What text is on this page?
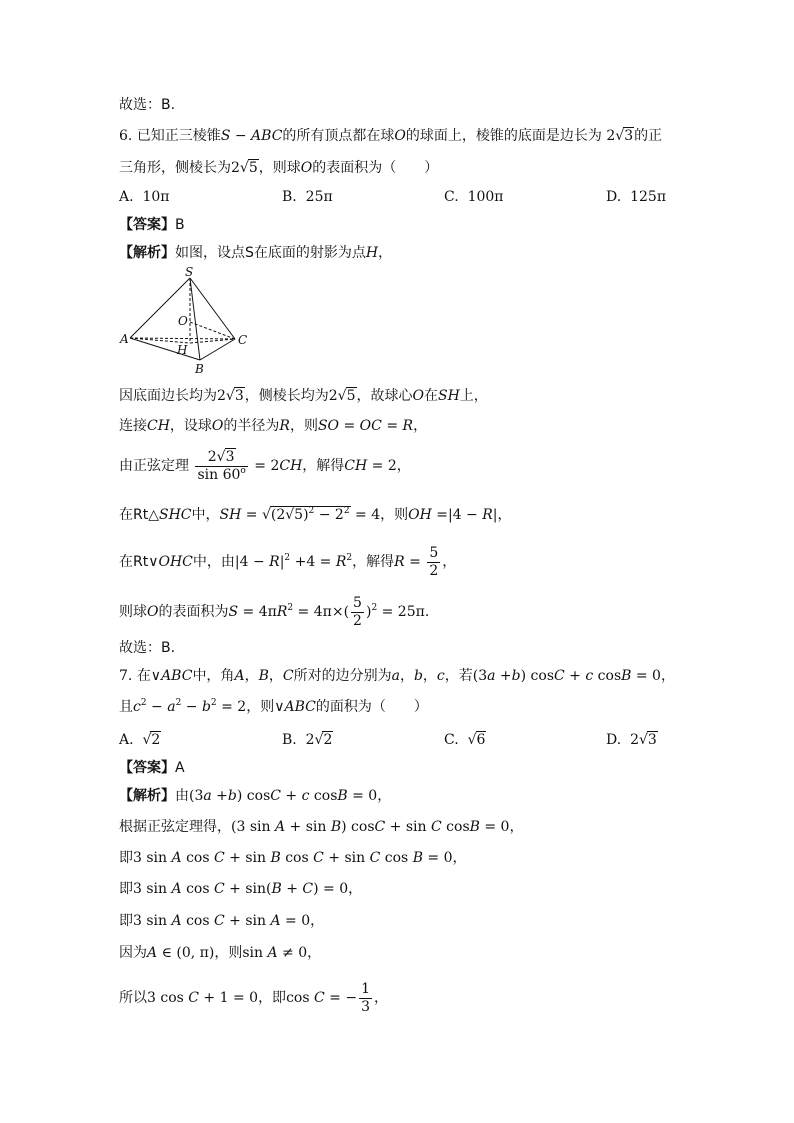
故选：B.
6. 已知正三棱锥S − ABC的所有顶点都在球O的球面上，棱锥的底面是边长为 2√3的正
三角形，侧棱长为2√5，则球O的表面积为（　　）
A. 10π	B. 25π	C. 100π	D. 125π
【答案】B
【解析】如图，设点S在底面的射影为点H，
S
O
A
H
C
B
因底面边长均为2√3，侧棱长均为2√5，故球心O在SH上，
连接CH，设球O的半径为R，则SO = OC = R，
由正弦定理 $\frac{2√3}{\sin 60^o} = 2CH$，解得CH = 2，
在Rt△SHC中，SH = $√(2√5)^2 - 2^2 = 4$，则OH =|4 − R|，
在Rt∨OHC中，由$|4 - R|^2 +4 = R^2$，解得$R = \frac{5}{2}$ ，
则球O的表面积为$S = 4\pi R^2 = 4\pi\times( \frac{5}{2} )^2 = 25\pi$.
故选：B.
7. 在∨ABC中，角A，B，C所对的边分别为a，b，c，若(3a +b) cosC + c cosB = 0，
且$c^2 - a^2 - b^2 = 2$，则∨ABC的面积为（　　）
A.  √2	B.  2√2	C.  √6	D.  2√3
【答案】A
【解析】由(3a +b) cosC + c cosB = 0，
根据正弦定理得，(3 sin A + sin B) cosC + sin C cosB = 0，
即3 sin A cos C + sin B cos C + sin C cos B = 0，
即3 sin A cos C + sin(B + C) = 0，
即3 sin A cos C + sin A = 0，
因为A ∈ (0, π)，则sin A ≠ 0，
所以3 cos C + 1 = 0，即cos C = − $\frac{1}{3}$ ，
